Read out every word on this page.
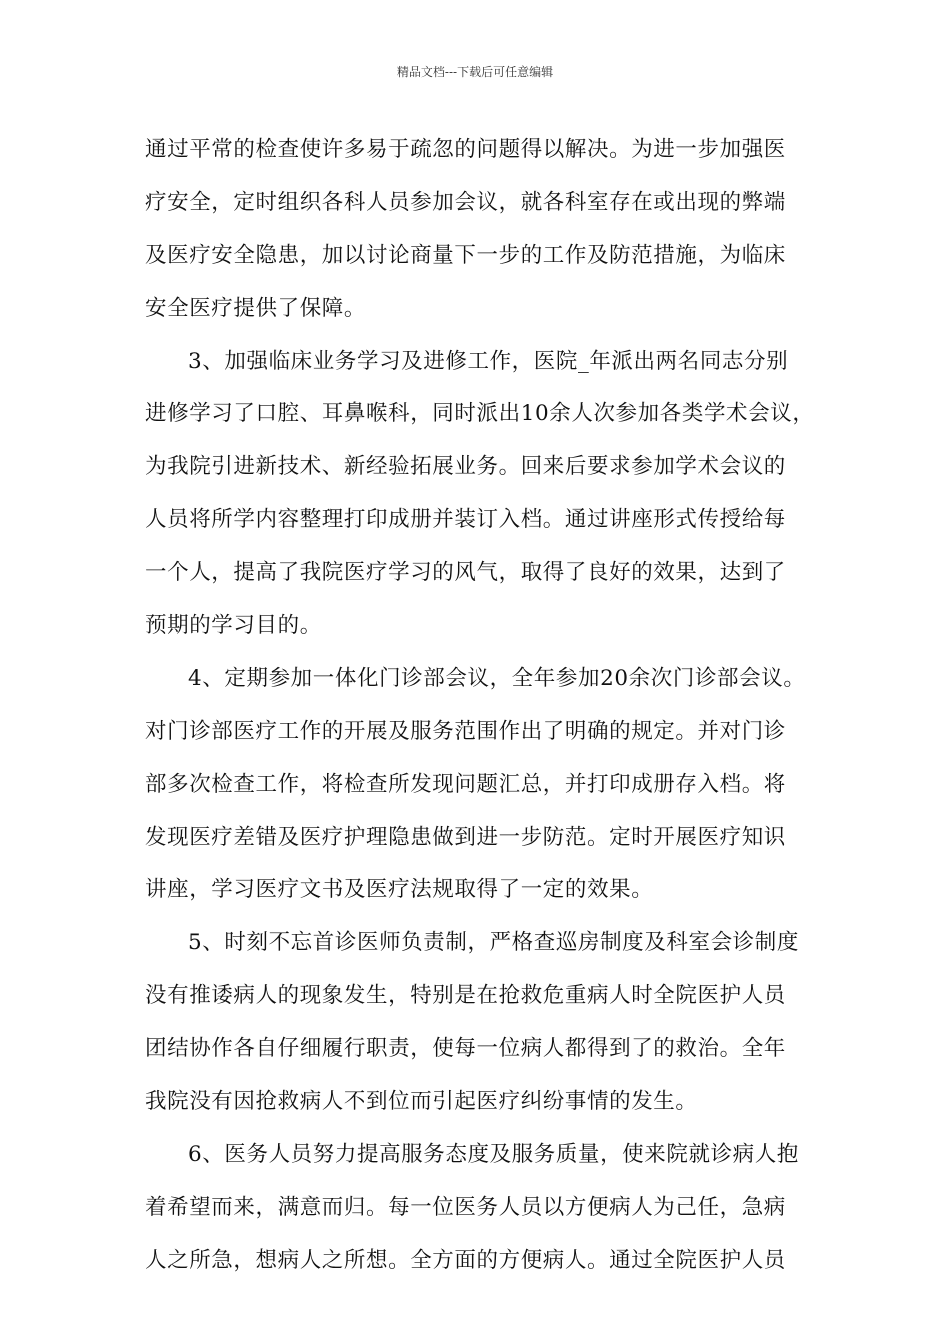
精品文档---下载后可任意编辑
通过平常的检查使许多易于疏忽的问题得以解决。为进一步加强医
疗安全，定时组织各科人员参加会议，就各科室存在或出现的弊端
及医疗安全隐患，加以讨论商量下一步的工作及防范措施，为临床
安全医疗提供了保障。
3、加强临床业务学习及进修工作，医院_年派出两名同志分别
进修学习了口腔、耳鼻喉科，同时派出10余人次参加各类学术会议，
为我院引进新技术、新经验拓展业务。回来后要求参加学术会议的
人员将所学内容整理打印成册并装订入档。通过讲座形式传授给每
一个人，提高了我院医疗学习的风气，取得了良好的效果，达到了
预期的学习目的。
4、定期参加一体化门诊部会议，全年参加20余次门诊部会议。
对门诊部医疗工作的开展及服务范围作出了明确的规定。并对门诊
部多次检查工作，将检查所发现问题汇总，并打印成册存入档。将
发现医疗差错及医疗护理隐患做到进一步防范。定时开展医疗知识
讲座，学习医疗文书及医疗法规取得了一定的效果。
5、时刻不忘首诊医师负责制，严格查巡房制度及科室会诊制度
没有推诿病人的现象发生，特别是在抢救危重病人时全院医护人员
团结协作各自仔细履行职责，使每一位病人都得到了的救治。全年
我院没有因抢救病人不到位而引起医疗纠纷事情的发生。
6、医务人员努力提高服务态度及服务质量，使来院就诊病人抱
着希望而来，满意而归。每一位医务人员以方便病人为己任，急病
人之所急，想病人之所想。全方面的方便病人。通过全院医护人员
